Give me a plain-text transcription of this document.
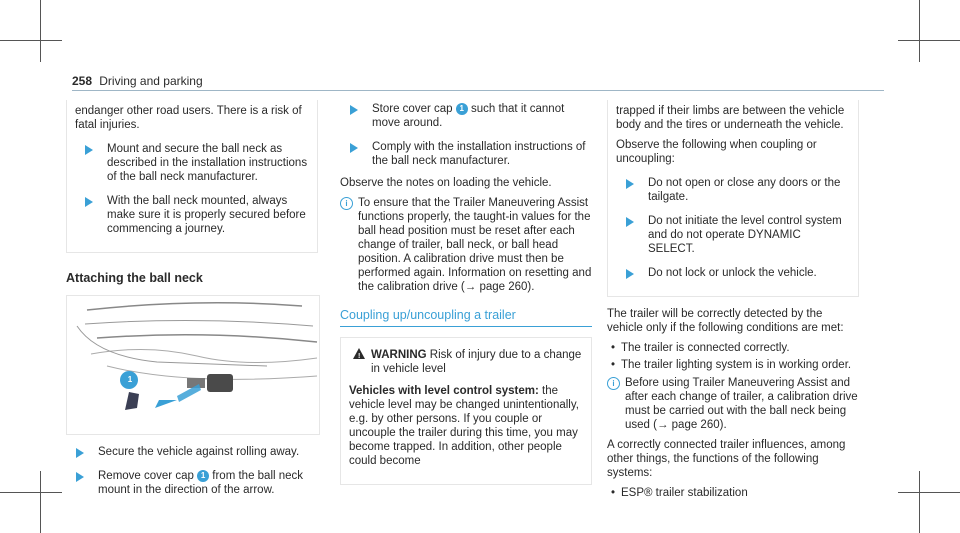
258 Driving and parking

endanger other road users. There is a risk of fatal injuries.

Mount and secure the ball neck as described in the installation instructions of the ball neck manufacturer.
With the ball neck mounted, always make sure it is properly secured before commencing a journey.
Attaching the ball neck
1
Secure the vehicle against rolling away.
Remove cover cap 1 from the ball neck mount in the direction of the arrow.
Store cover cap 1 such that it cannot move around.
Comply with the installation instructions of the ball neck manufacturer.

Observe the notes on loading the vehicle.

i To ensure that the Trailer Maneuvering Assist functions properly, the taught-in values for the ball head position must be reset after each change of trailer, ball neck, or ball head position. A calibration drive must then be performed again. Information on resetting and the calibration drive (→ page 260).
Coupling up/uncoupling a trailer
! WARNING Risk of injury due to a change in vehicle level

Vehicles with level control system: the vehicle level may be changed unintentionally, e.g. by other persons. If you couple or uncouple the trailer during this time, you may become trapped. In addition, other people could become

trapped if their limbs are between the vehicle body and the tires or underneath the vehicle.

Observe the following when coupling or uncoupling:

Do not open or close any doors or the tailgate.
Do not initiate the level control system and do not operate DYNAMIC SELECT.
Do not lock or unlock the vehicle.

The trailer will be correctly detected by the vehicle only if the following conditions are met:

• The trailer is connected correctly.
• The trailer lighting system is in working order.
i Before using Trailer Maneuvering Assist and after each change of trailer, a calibration drive must be carried out with the ball neck being used (→ page 260).

A correctly connected trailer influences, among other things, the functions of the following systems:

• ESP® trailer stabilization
